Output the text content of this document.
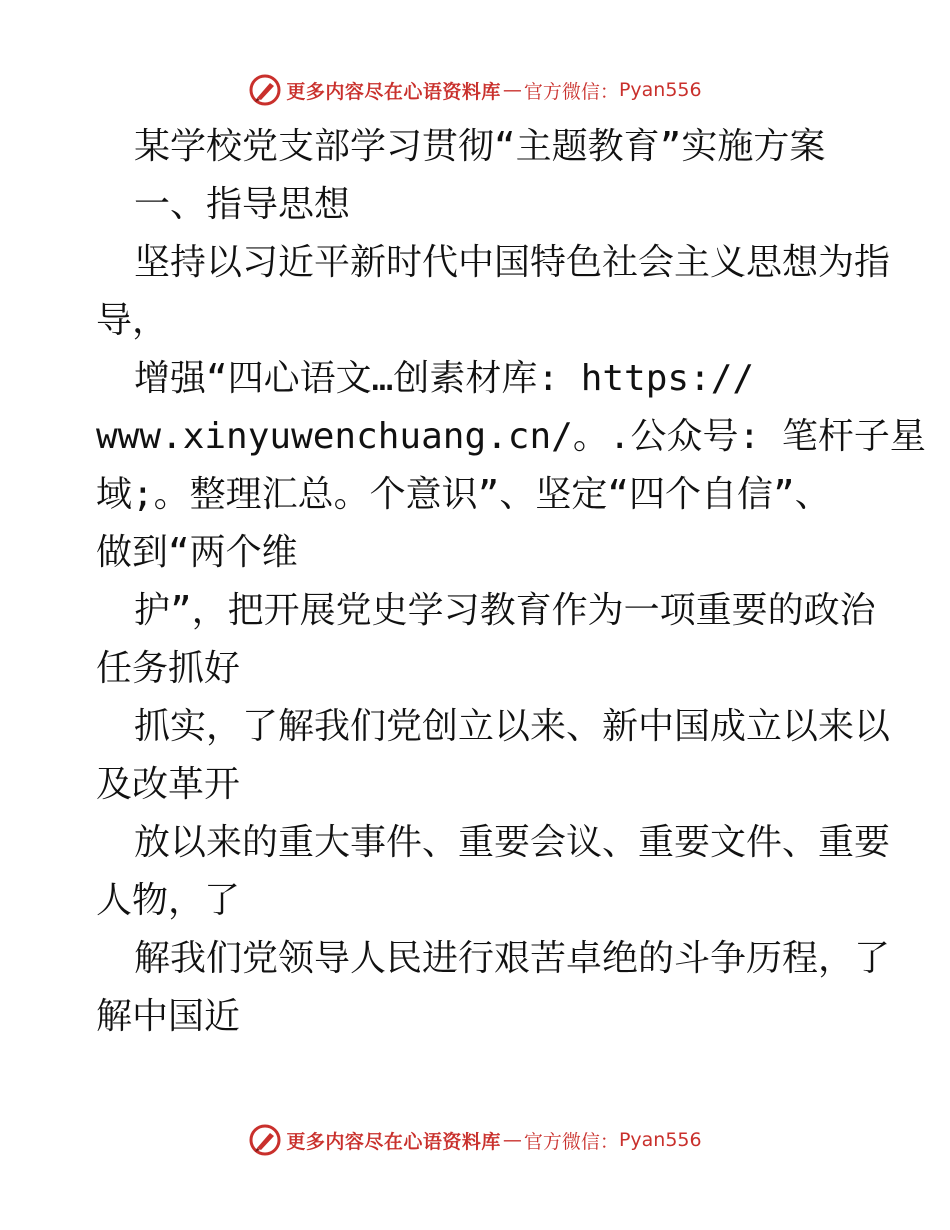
更多内容尽在心语资料库 — 官方微信： Pyan556
某学校党支部学习贯彻“主题教育”实施方案
一、指导思想
坚持以习近平新时代中国特色社会主义思想为指
导，
增强“四心语文…创素材库: https://
www.xinyuwenchuang.cn/。.公众号: 笔杆子星
域;。整理汇总。个意识”、坚定“四个自信”、
做到“两个维
护”，把开展党史学习教育作为一项重要的政治
任务抓好
抓实，了解我们党创立以来、新中国成立以来以
及改革开
放以来的重大事件、重要会议、重要文件、重要
人物，了
解我们党领导人民进行艰苦卓绝的斗争历程，了
解中国近
更多内容尽在心语资料库 — 官方微信： Pyan556
